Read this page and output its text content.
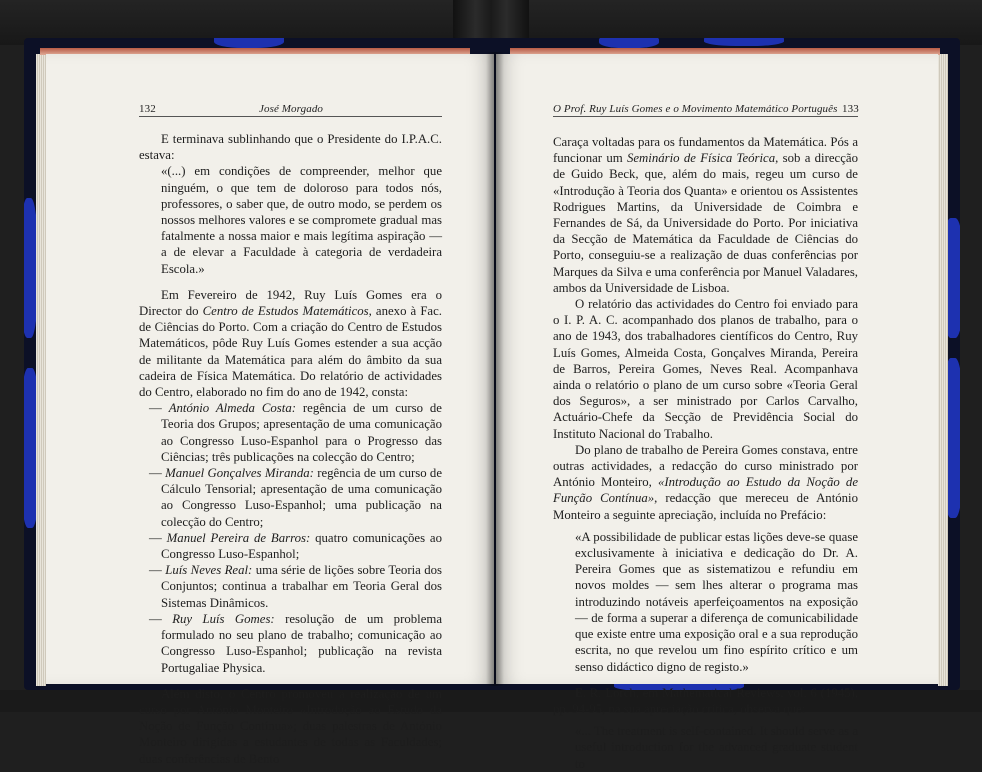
132	José Morgado

E terminava sublinhando que o Presidente do I.P.A.C. estava:

«(...) em condições de compreender, melhor que ninguém, o que tem de doloroso para todos nós, professores, o saber que, de outro modo, se perdem os nossos melhores valores e se compromete gradual mas fatalmente a nossa maior e mais legítima aspiração — a de elevar a Faculdade à categoria de verdadeira Escola.»

Em Fevereiro de 1942, Ruy Luís Gomes era o Director do Centro de Estudos Matemáticos, anexo à Fac. de Ciências do Porto. Com a criação do Centro de Estudos Matemáticos, pôde Ruy Luís Gomes estender a sua acção de militante da Matemática para além do âmbito da sua cadeira de Física Matemática. Do relatório de actividades do Centro, elaborado no fim do ano de 1942, consta:

— António Almeda Costa: regência de um curso de Teoria dos Grupos; apresentação de uma comunicação ao Congresso Luso-Espanhol para o Progresso das Ciências; três publicações na colecção do Centro;

— Manuel Gonçalves Miranda: regência de um curso de Cálculo Tensorial; apresentação de uma comunicação ao Congresso Luso-Espanhol; uma publicação na colecção do Centro;

— Manuel Pereira de Barros: quatro comunicações ao Congresso Luso-Espanhol;

— Luís Neves Real: uma série de lições sobre Teoria dos Conjuntos; continua a trabalhar em Teoria Geral dos Sistemas Dinâmicos.

— Ruy Luís Gomes: resolução de um problema formulado no seu plano de trabalho; comunicação ao Congresso Luso-Espanhol; publicação na revista Portugaliae Physica.

Além disto, o Centro promoveu a realização de um curso por António Monteiro «Introdução ao Estudo da Noção de Função Contínua»; duas palestras de António Monteiro dirigidas a estudantes de todas as Faculdades; duas conferências de Bento

O Prof. Ruy Luís Gomes e o Movimento Matemático Português 133

Caraça voltadas para os fundamentos da Matemática. Pós a funcionar um Seminário de Física Teórica, sob a direcção de Guido Beck, que, além do mais, regeu um curso de «Introdução à Teoria dos Quanta» e orientou os Assistentes Rodrigues Martins, da Universidade de Coimbra e Fernandes de Sá, da Universidade do Porto. Por iniciativa da Secção de Matemática da Faculdade de Ciências do Porto, conseguiu-se a realização de duas conferências por Marques da Silva e uma conferência por Manuel Valadares, ambos da Universidade de Lisboa.

O relatório das actividades do Centro foi enviado para o I. P. A. C. acompanhado dos planos de trabalho, para o ano de 1943, dos trabalhadores científicos do Centro, Ruy Luís Gomes, Almeida Costa, Gonçalves Miranda, Pereira de Barros, Pereira Gomes, Neves Real. Acompanhava ainda o relatório o plano de um curso sobre «Teoria Geral dos Seguros», a ser ministrado por Carlos Carvalho, Actuário-Chefe da Secção de Previdência Social do Instituto Nacional do Trabalho.

Do plano de trabalho de Pereira Gomes constava, entre outras actividades, a redacção do curso ministrado por António Monteiro, «Introdução ao Estudo da Noção de Função Contínua», redacção que mereceu de António Monteiro a seguinte apreciação, incluída no Prefácio:

«A possibilidade de publicar estas lições deve-se quase exclusivamente à iniciativa e dedicação do Dr. A. Pereira Gomes que as sistematizou e refundiu em novos moldes — sem lhes alterar o programa mas introduzindo notáveis aperfeiçoamentos na exposição — de forma a superar a diferença de comunicabilidade que existe entre uma exposição oral e a sua reprodução escrita, no que revelou um fino espírito crítico e um senso didáctico digno de registo.»

E. R. Lorch, em Mathematical Reviews, vol. 6 (1945), pp. 94-95, na sua apreciação crítica, observa que:

«... The treatment is self-contained. It should serve as a useful introduction for the advanced graduate student to
